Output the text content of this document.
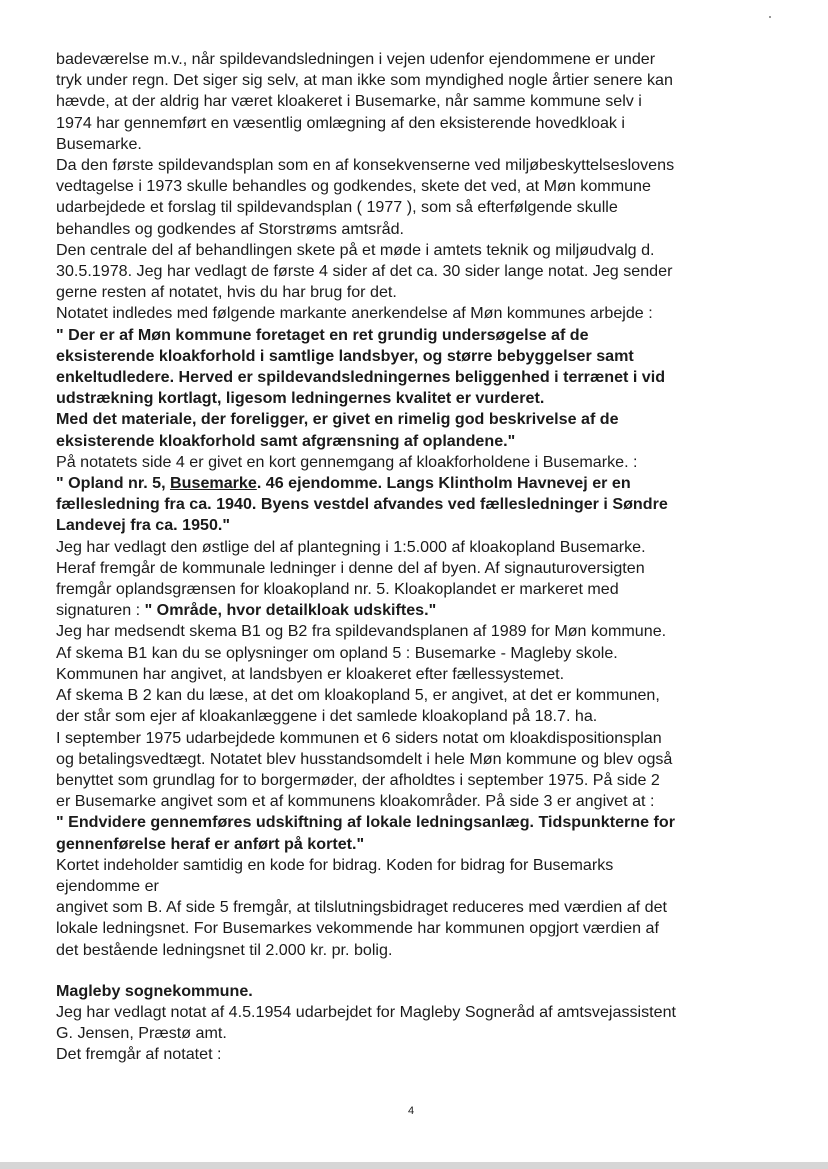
badeværelse m.v., når spildevandsledningen i vejen udenfor ejendommene er under
tryk under regn. Det siger sig selv, at man ikke som myndighed nogle årtier senere kan
hævde, at der aldrig har været kloakeret i Busemarke, når samme kommune selv i
1974 har gennemført en væsentlig omlægning af den eksisterende hovedkloak i
Busemarke.
Da den første spildevandsplan som en af konsekvenserne ved miljøbeskyttelseslovens
vedtagelse i 1973 skulle behandles og godkendes, skete det ved, at Møn kommune
udarbejdede et forslag til spildevandsplan ( 1977 ), som så efterfølgende skulle
behandles og godkendes af Storstrøms amtsråd.
Den centrale del af behandlingen skete på et møde i amtets teknik og miljøudvalg d.
30.5.1978. Jeg har vedlagt de første 4 sider af det ca. 30 sider lange notat. Jeg sender
gerne resten af notatet, hvis du har brug for det.
Notatet indledes med følgende markante anerkendelse af Møn kommunes arbejde :
" Der er af Møn kommune foretaget en ret grundig undersøgelse af de
eksisterende kloakforhold i samtlige landsbyer, og større bebyggelser samt
enkeltudledere. Herved er spildevandsledningernes beliggenhed i terrænet i vid
udstrækning kortlagt, ligesom ledningernes kvalitet er vurderet.
Med det materiale, der foreligger, er givet en rimelig god beskrivelse af de
eksisterende kloakforhold samt afgrænsning af oplandene."
På notatets side 4 er givet en kort gennemgang af kloakforholdene i Busemarke. :
" Opland nr. 5, Busemarke. 46 ejendomme. Langs Klintholm Havnevej er en
fællesledning fra ca. 1940. Byens vestdel afvandes ved fællesledninger i Søndre
Landevej fra ca. 1950."
Jeg har vedlagt den østlige del af plantegning i 1:5.000 af kloakopland Busemarke.
Heraf fremgår de kommunale ledninger i denne del af byen. Af signauturoversigten
fremgår oplandsgrænsen for kloakopland nr. 5. Kloakoplandet er markeret med
signaturen : " Område, hvor detailkloak udskiftes."
Jeg har medsendt skema B1 og B2 fra spildevandsplanen af 1989 for Møn kommune.
Af skema B1 kan du se oplysninger om opland 5 : Busemarke - Magleby skole.
Kommunen har angivet, at landsbyen er kloakeret efter fællessystemet.
Af skema B 2 kan du læse, at det om kloakopland 5, er angivet, at det er kommunen,
der står som ejer af kloakanlæggene i det samlede kloakopland på 18.7. ha.
I september 1975 udarbejdede kommunen et 6 siders notat om kloakdispositionsplan
og betalingsvedtægt. Notatet blev husstandsomdelt i hele Møn kommune og blev også
benyttet som grundlag for to borgermøder, der afholdtes i september 1975. På side 2
er Busemarke angivet som et af kommunens kloakområder. På side 3 er angivet at :
" Endvidere gennemføres udskiftning af lokale ledningsanlæg. Tidspunkterne for
gennenførelse heraf er anført på kortet."
Kortet indeholder samtidig en kode for bidrag. Koden for bidrag for Busemarks
ejendomme er
angivet som B. Af side 5 fremgår, at tilslutningsbidraget reduceres med værdien af det
lokale ledningsnet. For Busemarkes vekommende har kommunen opgjort værdien af
det bestående ledningsnet til 2.000 kr. pr. bolig.
Magleby sognekommune.
Jeg har vedlagt notat af 4.5.1954 udarbejdet for Magleby Sogneråd af amtsvejassistent
G. Jensen, Præstø amt.
Det fremgår af notatet :
4
